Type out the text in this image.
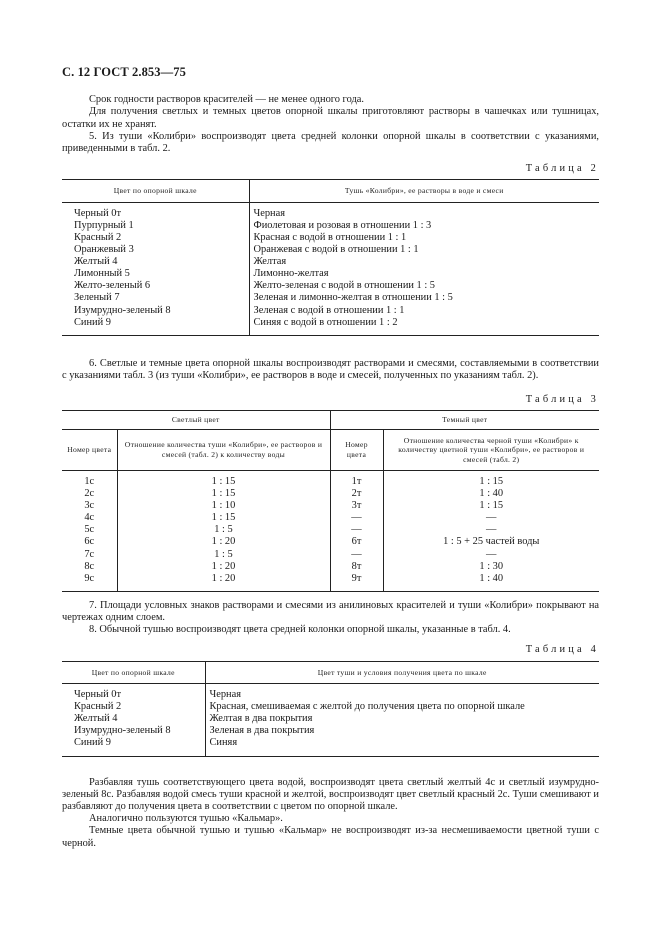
С. 12 ГОСТ 2.853—75

Срок годности растворов красителей — не менее одного года.

Для получения светлых и темных цветов опорной шкалы приготовляют растворы в чашечках или тушницах, остатки их не хранят.

5. Из туши «Колибри» воспроизводят цвета средней колонки опорной шкалы в соответствии с указаниями, приведенными в табл. 2.

Таблица 2
Цвет по опорной шкале	Тушь «Колибри», ее растворы в воде и смеси
Черный 0т	Черная
Пурпурный 1	Фиолетовая и розовая в отношении 1 : 3
Красный 2	Красная с водой в отношении 1 : 1
Оранжевый 3	Оранжевая с водой в отношении 1 : 1
Желтый 4	Желтая
Лимонный 5	Лимонно-желтая
Желто-зеленый 6	Желто-зеленая с водой в отношении 1 : 5
Зеленый 7	Зеленая и лимонно-желтая в отношении 1 : 5
Изумрудно-зеленый 8	Зеленая с водой в отношении 1 : 1
Синий 9	Синяя с водой в отношении 1 : 2

6. Светлые и темные цвета опорной шкалы воспроизводят растворами и смесями, составляемыми в соответствии с указаниями табл. 3 (из туши «Колибри», ее растворов в воде и смесей, полученных по указаниям табл. 2).

Таблица 3
Светлый цвет		Темный цвет	
Номер цвета	Отношение количества туши «Колибри», ее растворов и смесей (табл. 2) к количеству воды	Номер цвета	Отношение количества черной туши «Колибри» к количеству цветной туши «Колибри», ее растворов и смесей (табл. 2)
1с	1 : 15	1т	1 : 15
2с	1 : 15	2т	1 : 40
3с	1 : 10	3т	1 : 15
4с	1 : 15	—	—
5с	1 : 5	—	—
6с	1 : 20	6т	1 : 5 + 25 частей воды
7с	1 : 5	—	—
8с	1 : 20	8т	1 : 30
9с	1 : 20	9т	1 : 40

7. Площади условных знаков растворами и смесями из анилиновых красителей и туши «Колибри» покрывают на чертежах одним слоем.

8. Обычной тушью воспроизводят цвета средней колонки опорной шкалы, указанные в табл. 4.

Таблица 4
Цвет по опорной шкале	Цвет туши и условия получения цвета по шкале
Черный 0т	Черная
Красный 2	Красная, смешиваемая с желтой до получения цвета по опорной шкале
Желтый 4	Желтая в два покрытия
Изумрудно-зеленый 8	Зеленая в два покрытия
Синий 9	Синяя

Разбавляя тушь соответствующего цвета водой, воспроизводят цвета светлый желтый 4с и светлый изумрудно-зеленый 8с. Разбавляя водой смесь туши красной и желтой, воспроизводят цвет светлый красный 2с. Туши смешивают и разбавляют до получения цвета в соответствии с цветом по опорной шкале.

Аналогично пользуются тушью «Кальмар».

Темные цвета обычной тушью и тушью «Кальмар» не воспроизводят из-за несмешиваемости цветной туши с черной.
